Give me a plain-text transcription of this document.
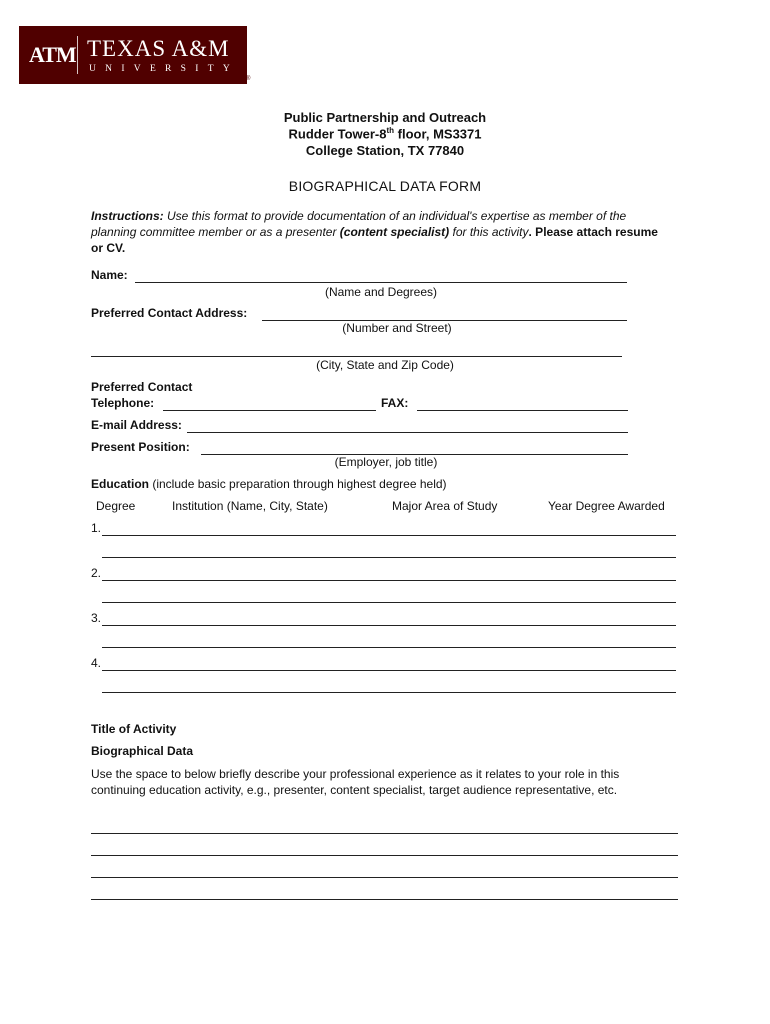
ATM TEXAS A&M
UNIVERSITY
®
Public Partnership and Outreach
Rudder Tower-8th floor, MS3371
College Station, TX 77840
BIOGRAPHICAL DATA FORM
Instructions: Use this format to provide documentation of an individual's expertise as member of the planning committee member or as a presenter (content specialist) for this activity. Please attach resume or CV.
Name:
(Name and Degrees)
Preferred Contact Address:
(Number and Street)
(City, State and Zip Code)
Preferred Contact
Telephone:	FAX:
E-mail Address:
Present Position:
(Employer, job title)
Education (include basic preparation through highest degree held)
Degree	Institution (Name, City, State)	Major Area of Study	Year Degree Awarded
1.
2.
3.
4.
Title of Activity
Biographical Data
Use the space to below briefly describe your professional experience as it relates to your role in this continuing education activity, e.g., presenter, content specialist, target audience representative, etc.
